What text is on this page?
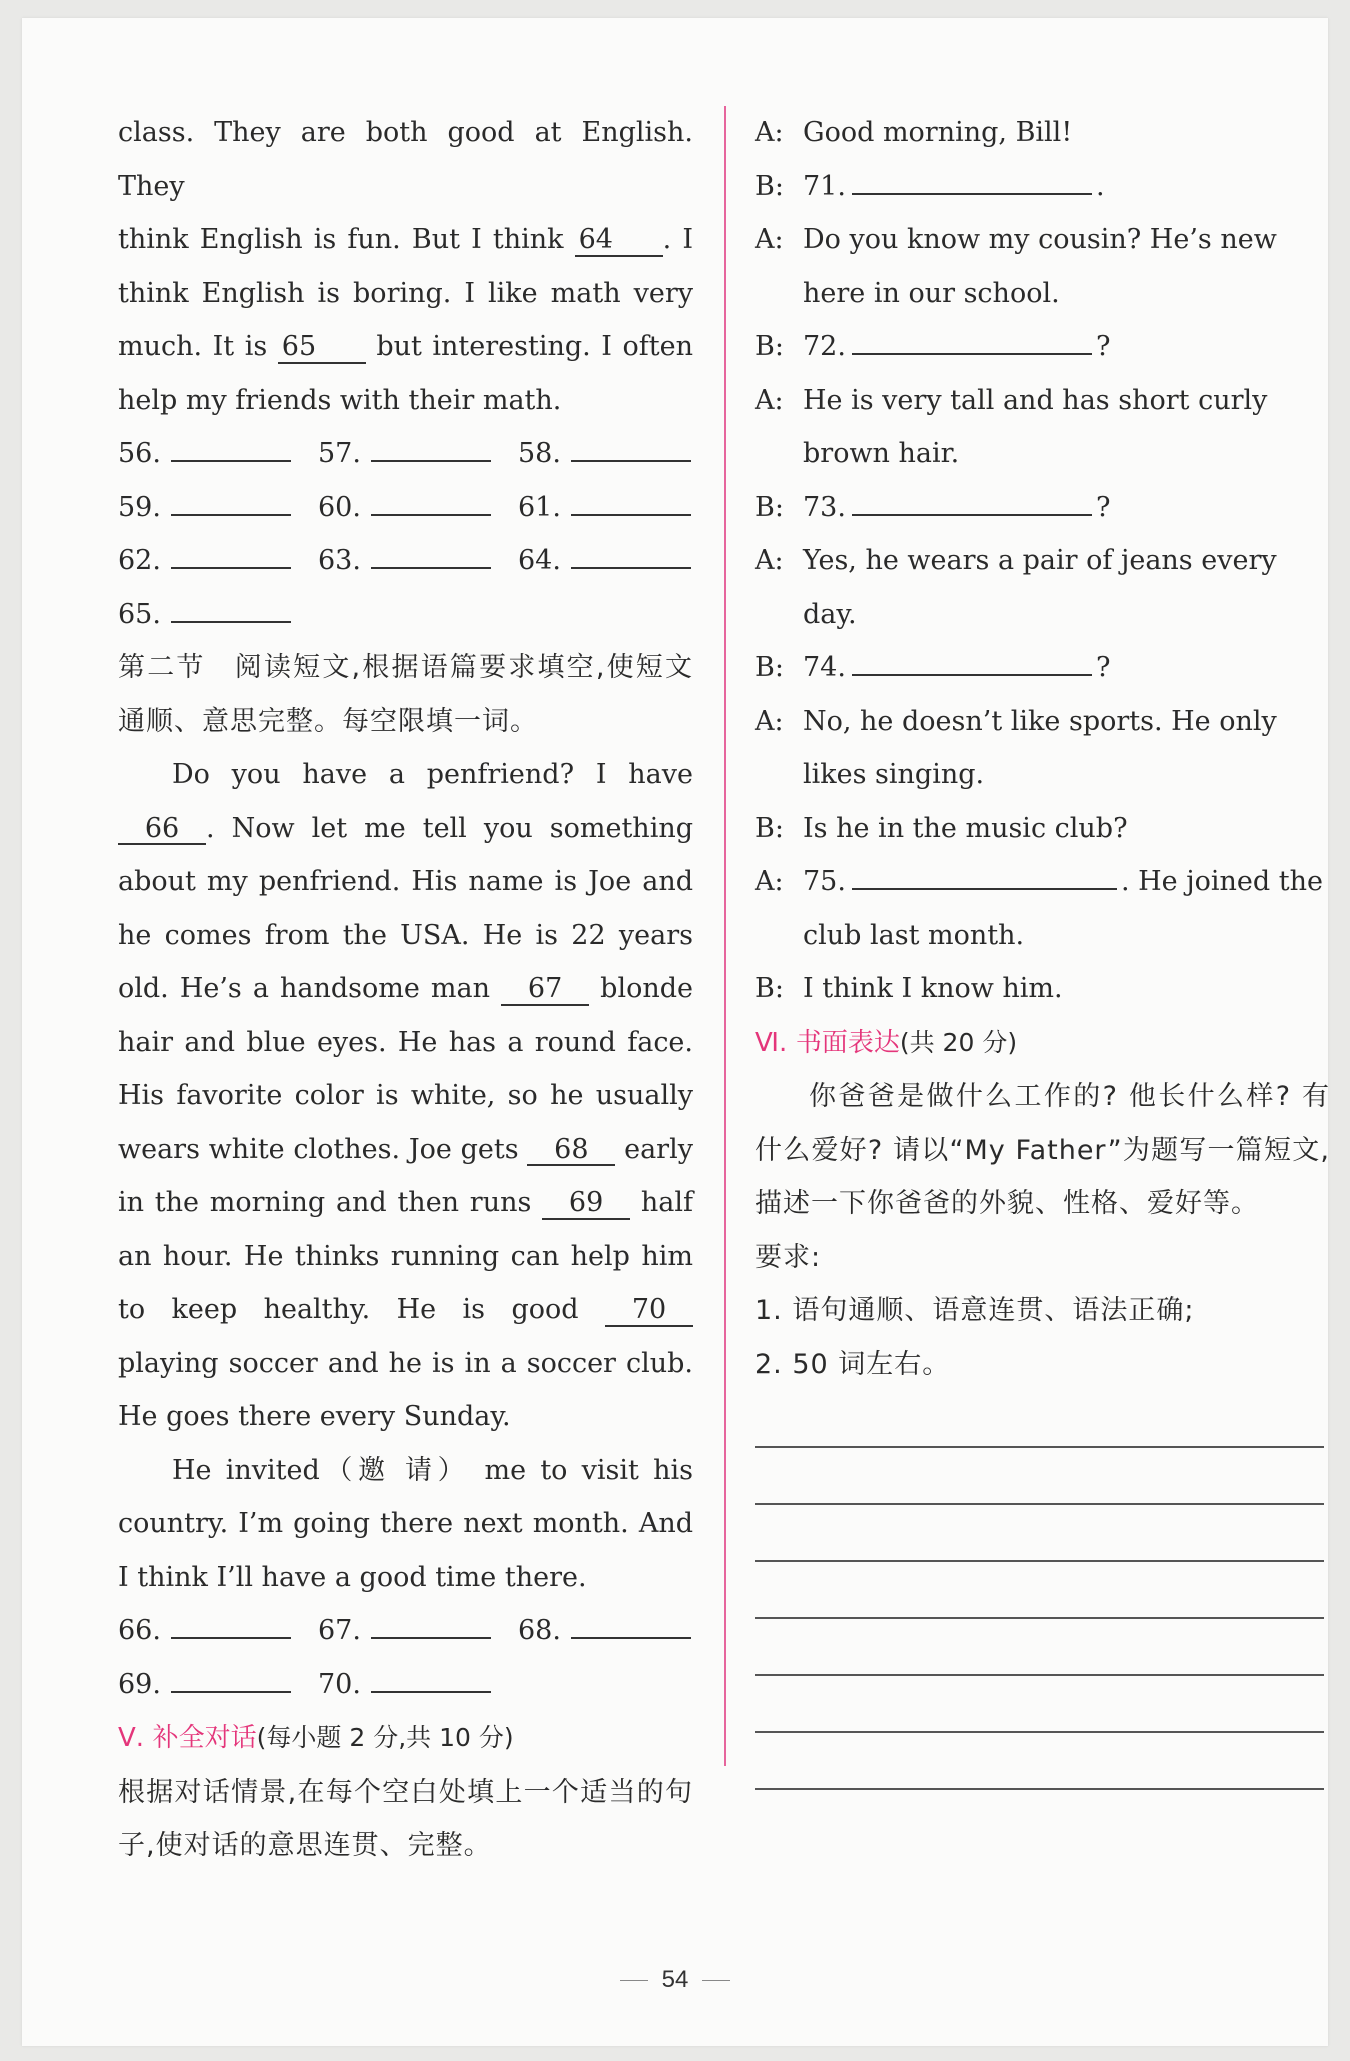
class. They are both good at English. They
think English is fun. But I think 64 . I
think English is boring. I like math very
much. It is 65 but interesting. I often
help my friends with their math.
56.	57.	58.
59.	60.	61.
62.	63.	64.
65.
第二节　阅读短文,根据语篇要求填空,使短文通顺、意思完整。每空限填一词。
Do you have a penfriend? I have 66 . Now let me tell you something about my penfriend. His name is Joe and he comes from the USA. He is 22 years old. He’s a handsome man 67 blonde hair and blue eyes. He has a round face. His favorite color is white, so he usually wears white clothes. Joe gets 68 early in the morning and then runs 69 half an hour. He thinks running can help him to keep healthy. He is good 70 playing soccer and he is in a soccer club. He goes there every Sunday.
He invited（邀 请） me to visit his country. I’m going there next month. And I think I’ll have a good time there.
66.	67.	68.
69.	70.
Ⅴ. 补全对话(每小题 2 分,共 10 分)
根据对话情景,在每个空白处填上一个适当的句子,使对话的意思连贯、完整。
A: Good morning, Bill!
B: 71.	.
A: Do you know my cousin? He’s new here in our school.
B: 72.	?
A: He is very tall and has short curly brown hair.
B: 73.	?
A: Yes, he wears a pair of jeans every day.
B: 74.	?
A: No, he doesn’t like sports. He only likes singing.
B: Is he in the music club?
A: 75.	. He joined the club last month.
B: I think I know him.
Ⅵ. 书面表达(共 20 分)
你爸爸是做什么工作的? 他长什么样? 有什么爱好? 请以“My Father”为题写一篇短文,描述一下你爸爸的外貌、性格、爱好等。
要求:
1. 语句通顺、语意连贯、语法正确;
2. 50 词左右。
54
